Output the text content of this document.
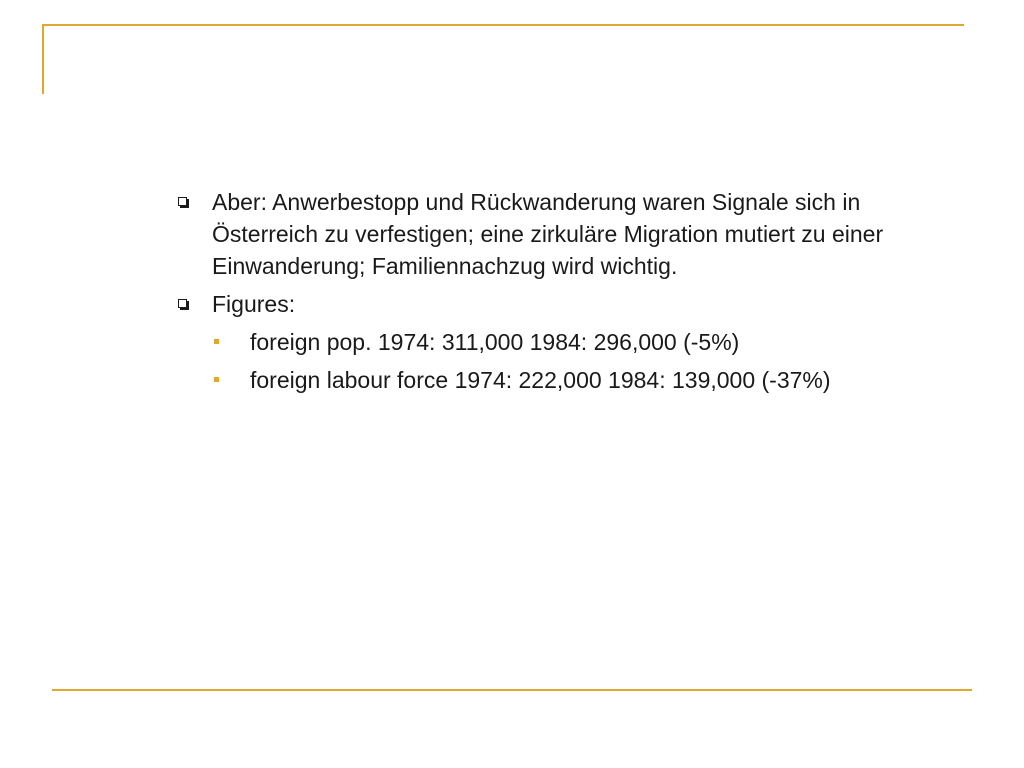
Aber: Anwerbestopp und Rückwanderung waren Signale sich in Österreich zu verfestigen; eine zirkuläre Migration mutiert zu einer Einwanderung; Familiennachzug wird wichtig.
Figures:
foreign pop. 1974: 311,000 1984: 296,000 (-5%)
foreign labour force 1974: 222,000 1984: 139,000 (-37%)
